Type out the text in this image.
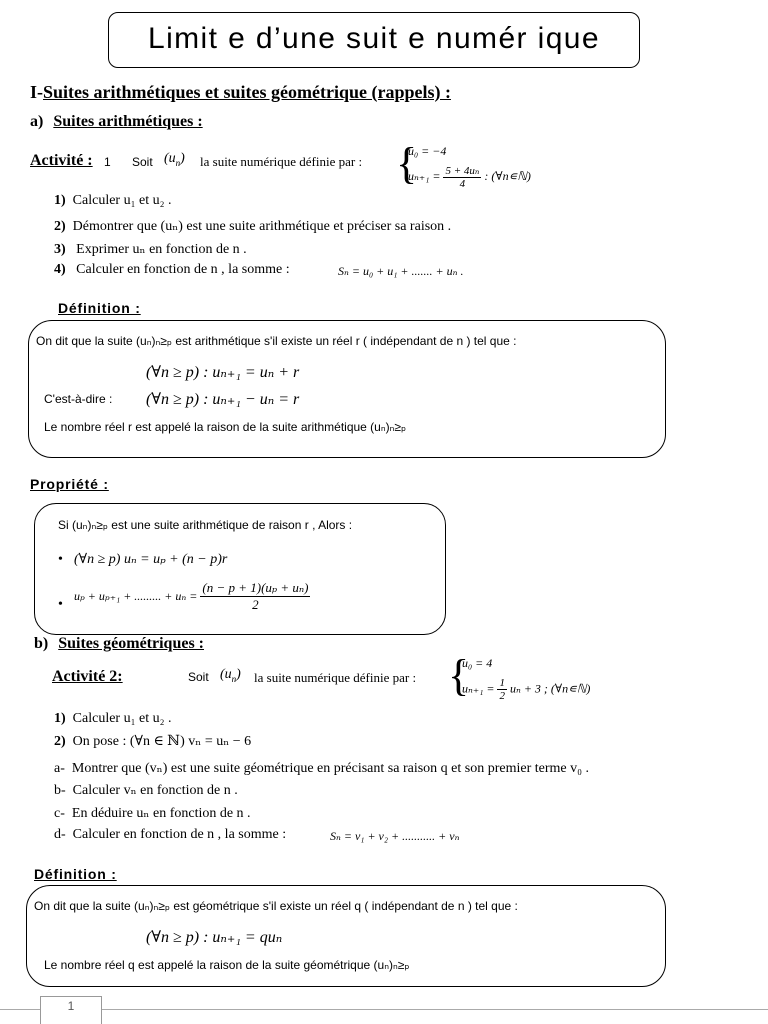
Limit e d’une suit e numér ique
I-Suites arithmétiques et suites géométrique (rappels) :
a) Suites arithmétiques :
Activité : 1 Soit $(u_n)$ la suite numérique définie par : {
u₀ = −4
$u_{n+1} = \frac{\text{5 + 4uₙ}}{4}$ : (∀n∊ℕ)
1) Calculer u₁ et u₂ .
2) Démontrer que (uₙ) est une suite arithmétique et préciser sa raison .
3) Exprimer uₙ en fonction de n .
4) Calculer en fonction de n , la somme :	Sₙ = u₀ + u₁ + ....... + uₙ .
Définition :
On dit que la suite (uₙ)ₙ≥ₚ est arithmétique s'il existe un réel r ( indépendant de n ) tel que :
(∀n ≥ p) : uₙ₊₁ = uₙ + r
C'est-à-dire : (∀n ≥ p) : uₙ₊₁ − uₙ = r
Le nombre réel r est appelé la raison de la suite arithmétique (uₙ)ₙ≥ₚ
Propriété :
Si (uₙ)ₙ≥ₚ est une suite arithmétique de raison r , Alors :
• (∀n ≥ p) uₙ = uₚ + (n − p)r
•
uₚ + uₚ₊₁ + ......... + $u_n = \frac{\text{(n − p + 1)(uₚ + uₙ)}}{2}$
b) Suites géométriques :
Activité 2:	Soit $(u_n)$ la suite numérique définie par : {
u₀ = 4
$u_{n+1} = \frac{1}{2}$ uₙ + 3 ; (∀n∊ℕ)
1) Calculer u₁ et u₂ .
2) On pose : (∀n ∈ ℕ) vₙ = uₙ − 6
a- Montrer que (vₙ) est une suite géométrique en précisant sa raison q et son premier terme v₀ .
b- Calculer vₙ en fonction de n .
c- En déduire uₙ en fonction de n .
d- Calculer en fonction de n , la somme :	Sₙ = v₁ + v₂ + ........... + vₙ
Définition :
On dit que la suite (uₙ)ₙ≥ₚ est géométrique s'il existe un réel q ( indépendant de n ) tel que :
(∀n ≥ p) : uₙ₊₁ = quₙ
Le nombre réel q est appelé la raison de la suite géométrique (uₙ)ₙ≥ₚ
1
